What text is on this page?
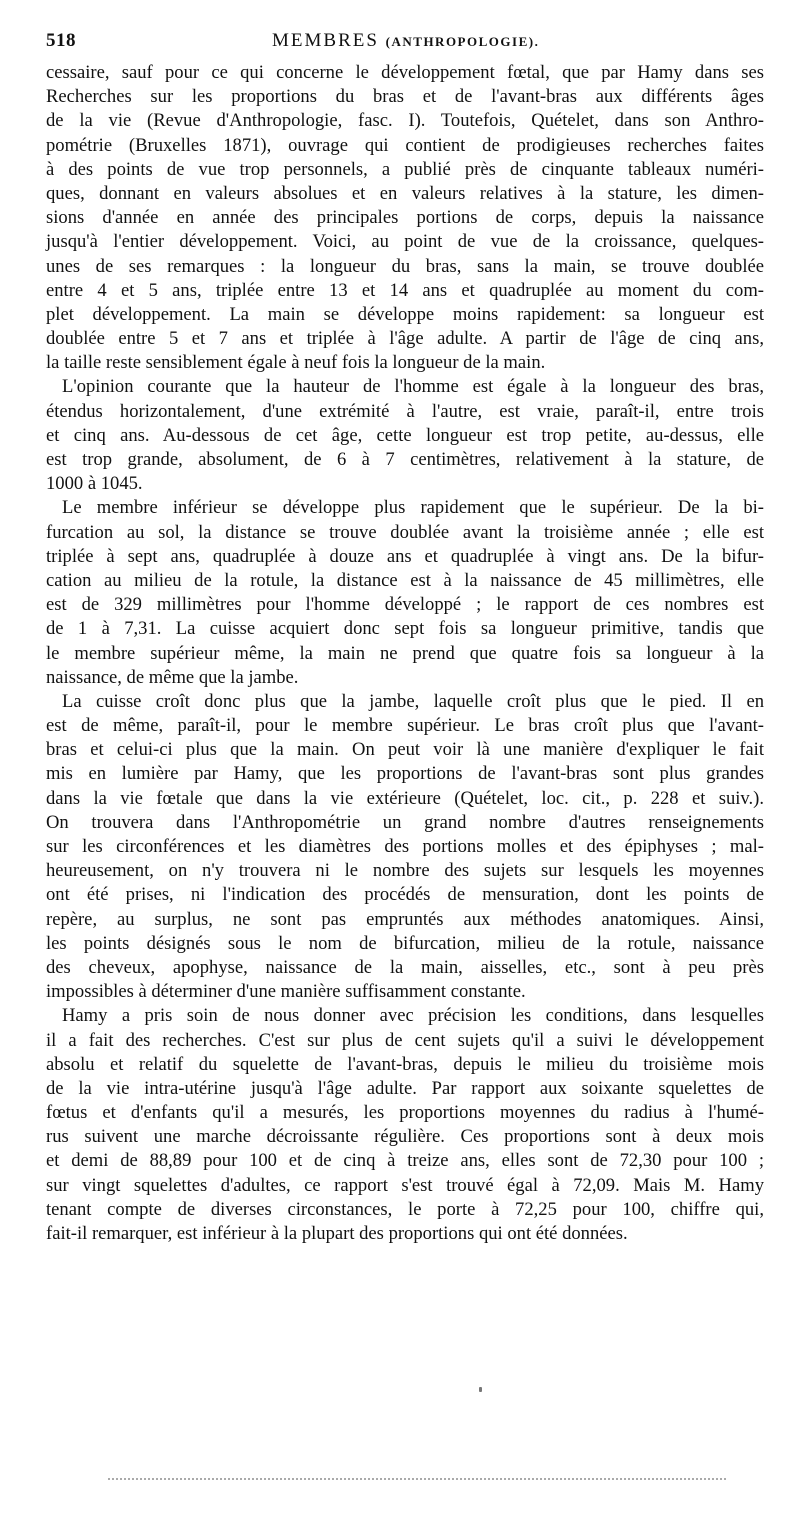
518	MEMBRES (ANTHROPOLOGIE).
cessaire, sauf pour ce qui concerne le développement fœtal, que par Hamy dans ses
Recherches sur les proportions du bras et de l'avant-bras aux différents âges
de la vie (Revue d'Anthropologie, fasc. I). Toutefois, Quételet, dans son Anthro-
pométrie (Bruxelles 1871), ouvrage qui contient de prodigieuses recherches faites
à des points de vue trop personnels, a publié près de cinquante tableaux numéri-
ques, donnant en valeurs absolues et en valeurs relatives à la stature, les dimen-
sions d'année en année des principales portions de corps, depuis la naissance
jusqu'à l'entier développement. Voici, au point de vue de la croissance, quelques-
unes de ses remarques : la longueur du bras, sans la main, se trouve doublée
entre 4 et 5 ans, triplée entre 13 et 14 ans et quadruplée au moment du com-
plet développement. La main se développe moins rapidement: sa longueur est
doublée entre 5 et 7 ans et triplée à l'âge adulte. A partir de l'âge de cinq ans,
la taille reste sensiblement égale à neuf fois la longueur de la main.
L'opinion courante que la hauteur de l'homme est égale à la longueur des bras,
étendus horizontalement, d'une extrémité à l'autre, est vraie, paraît-il, entre trois
et cinq ans. Au-dessous de cet âge, cette longueur est trop petite, au-dessus, elle
est trop grande, absolument, de 6 à 7 centimètres, relativement à la stature, de
1000 à 1045.
Le membre inférieur se développe plus rapidement que le supérieur. De la bi-
furcation au sol, la distance se trouve doublée avant la troisième année ; elle est
triplée à sept ans, quadruplée à douze ans et quadruplée à vingt ans. De la bifur-
cation au milieu de la rotule, la distance est à la naissance de 45 millimètres, elle
est de 329 millimètres pour l'homme développé ; le rapport de ces nombres est
de 1 à 7,31. La cuisse acquiert donc sept fois sa longueur primitive, tandis que
le membre supérieur même, la main ne prend que quatre fois sa longueur à la
naissance, de même que la jambe.
La cuisse croît donc plus que la jambe, laquelle croît plus que le pied. Il en
est de même, paraît-il, pour le membre supérieur. Le bras croît plus que l'avant-
bras et celui-ci plus que la main. On peut voir là une manière d'expliquer le fait
mis en lumière par Hamy, que les proportions de l'avant-bras sont plus grandes
dans la vie fœtale que dans la vie extérieure (Quételet, loc. cit., p. 228 et suiv.).
On trouvera dans l'Anthropométrie un grand nombre d'autres renseignements
sur les circonférences et les diamètres des portions molles et des épiphyses ; mal-
heureusement, on n'y trouvera ni le nombre des sujets sur lesquels les moyennes
ont été prises, ni l'indication des procédés de mensuration, dont les points de
repère, au surplus, ne sont pas empruntés aux méthodes anatomiques. Ainsi,
les points désignés sous le nom de bifurcation, milieu de la rotule, naissance
des cheveux, apophyse, naissance de la main, aisselles, etc., sont à peu près
impossibles à déterminer d'une manière suffisamment constante.
Hamy a pris soin de nous donner avec précision les conditions, dans lesquelles
il a fait des recherches. C'est sur plus de cent sujets qu'il a suivi le développement
absolu et relatif du squelette de l'avant-bras, depuis le milieu du troisième mois
de la vie intra-utérine jusqu'à l'âge adulte. Par rapport aux soixante squelettes de
fœtus et d'enfants qu'il a mesurés, les proportions moyennes du radius à l'humé-
rus suivent une marche décroissante régulière. Ces proportions sont à deux mois
et demi de 88,89 pour 100 et de cinq à treize ans, elles sont de 72,30 pour 100 ;
sur vingt squelettes d'adultes, ce rapport s'est trouvé égal à 72,09. Mais M. Hamy
tenant compte de diverses circonstances, le porte à 72,25 pour 100, chiffre qui,
fait-il remarquer, est inférieur à la plupart des proportions qui ont été données.
